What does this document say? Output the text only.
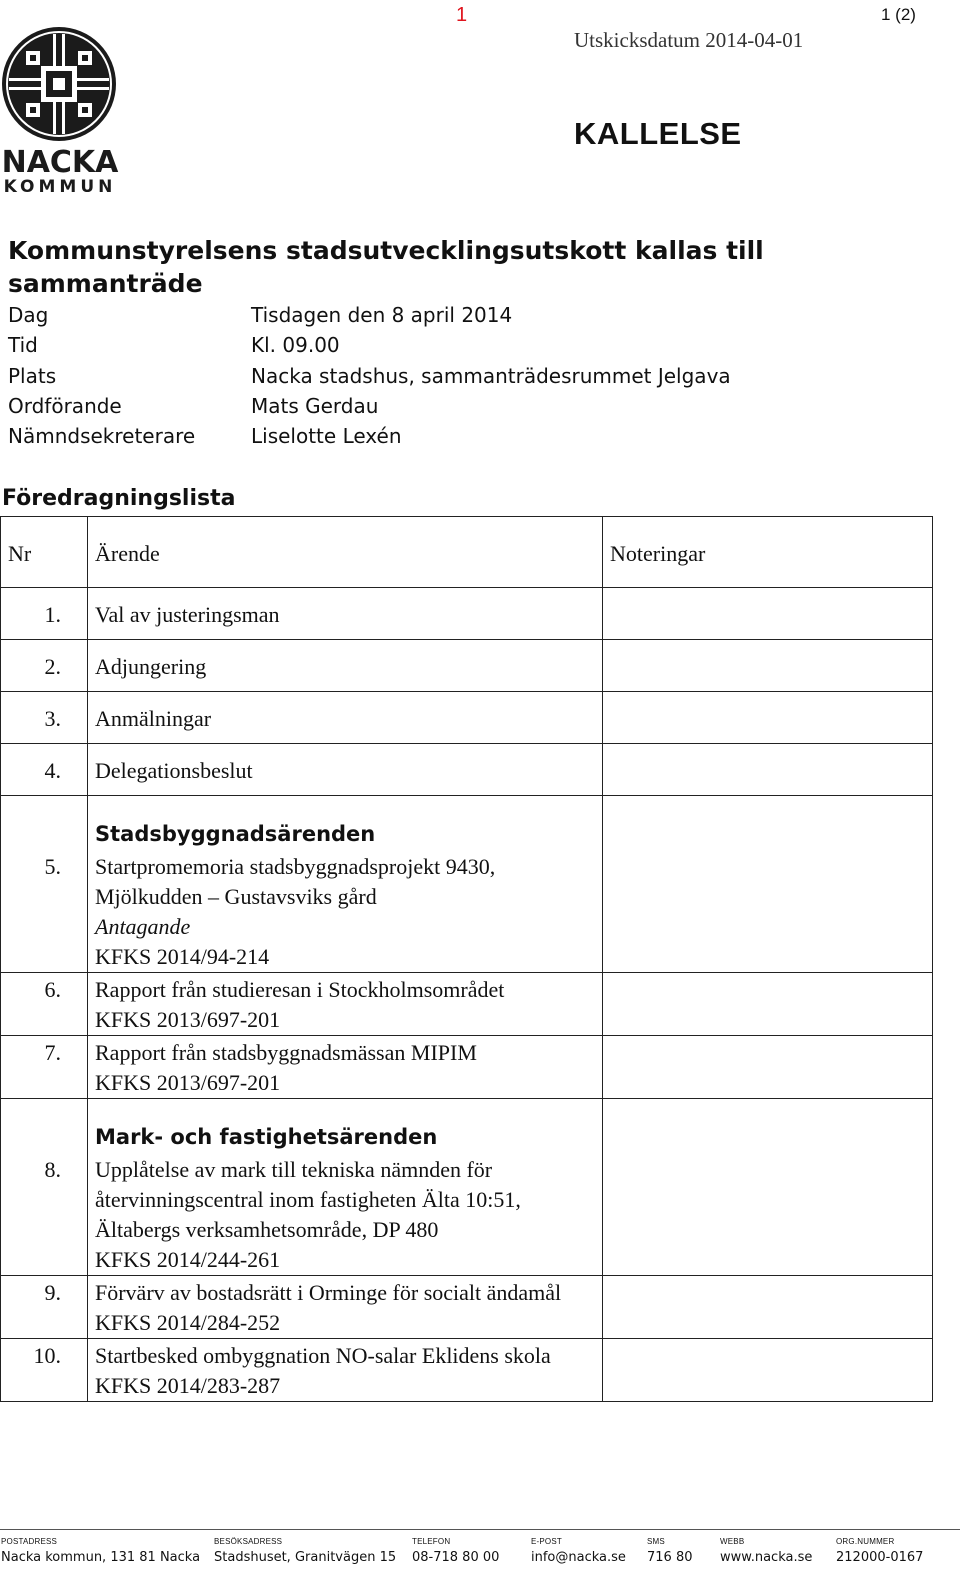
1	1 (2)
Utskicksdatum 2014-04-01
KALLELSE
NACKA
KOMMUN
Kommunstyrelsens stadsutvecklingsutskott kallas till sammanträde
Dag	Tisdagen den 8 april 2014
Tid	Kl. 09.00
Plats	Nacka stadshus, sammanträdesrummet Jelgava
Ordförande	Mats Gerdau
Nämndsekreterare	Liselotte Lexén
Föredragningslista
Nr	Ärende	Noteringar
1.	Val av justeringsman	
2.	Adjungering	
3.	Anmälningar	
4.	Delegationsbeslut	
5.	Stadsbyggnadsärenden
Startpromemoria stadsbyggnadsprojekt 9430,
Mjölkudden – Gustavsviks gård
Antagande
KFKS 2014/94-214	

6.	Rapport från studieresan i Stockholmsområdet
KFKS 2013/697-201	

7.	Rapport från stadsbyggnadsmässan MIPIM
KFKS 2013/697-201	

8.	Mark- och fastighetsärenden
Upplåtelse av mark till tekniska nämnden för
återvinningscentral inom fastigheten Älta 10:51,
Ältabergs verksamhetsområde, DP 480
KFKS 2014/244-261	

9.	Förvärv av bostadsrätt i Orminge för socialt ändamål
KFKS 2014/284-252	

10.	Startbesked ombyggnation NO-salar Eklidens skola
KFKS 2014/283-287	

POSTADRESS
Nacka kommun, 131 81 Nacka
BESÖKSADRESS
Stadshuset, Granitvägen 15
TELEFON
08-718 80 00
E-POST
info@nacka.se
SMS
716 80
WEBB
www.nacka.se
ORG.NUMMER
212000-0167
